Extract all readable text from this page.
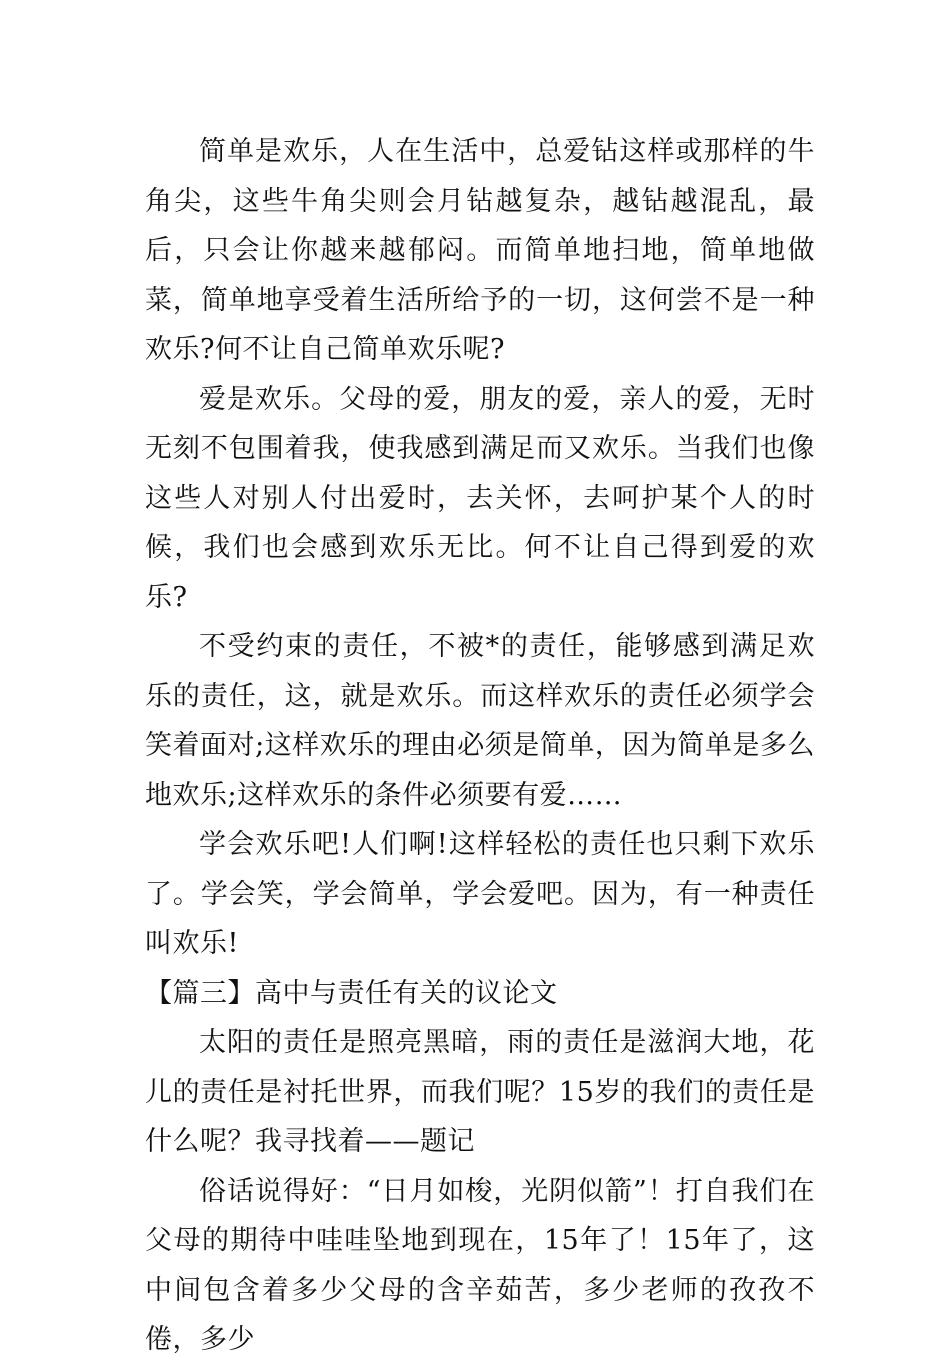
简单是欢乐，人在生活中，总爱钻这样或那样的牛角尖，这些牛角尖则会月钻越复杂，越钻越混乱，最后，只会让你越来越郁闷。而简单地扫地，简单地做菜，简单地享受着生活所给予的一切，这何尝不是一种欢乐?何不让自己简单欢乐呢?

爱是欢乐。父母的爱，朋友的爱，亲人的爱，无时无刻不包围着我，使我感到满足而又欢乐。当我们也像这些人对别人付出爱时，去关怀，去呵护某个人的时候，我们也会感到欢乐无比。何不让自己得到爱的欢乐?

不受约束的责任，不被*的责任，能够感到满足欢乐的责任，这，就是欢乐。而这样欢乐的责任必须学会笑着面对;这样欢乐的理由必须是简单，因为简单是多么地欢乐;这样欢乐的条件必须要有爱……

学会欢乐吧!人们啊!这样轻松的责任也只剩下欢乐了。学会笑，学会简单，学会爱吧。因为，有一种责任叫欢乐!

【篇三】高中与责任有关的议论文

太阳的责任是照亮黑暗，雨的责任是滋润大地，花儿的责任是衬托世界，而我们呢？15岁的我们的责任是什么呢？我寻找着——题记

俗话说得好：“日月如梭，光阴似箭”！打自我们在父母的期待中哇哇坠地到现在，15年了！15年了，这中间包含着多少父母的含辛茹苦，多少老师的孜孜不倦，多少
